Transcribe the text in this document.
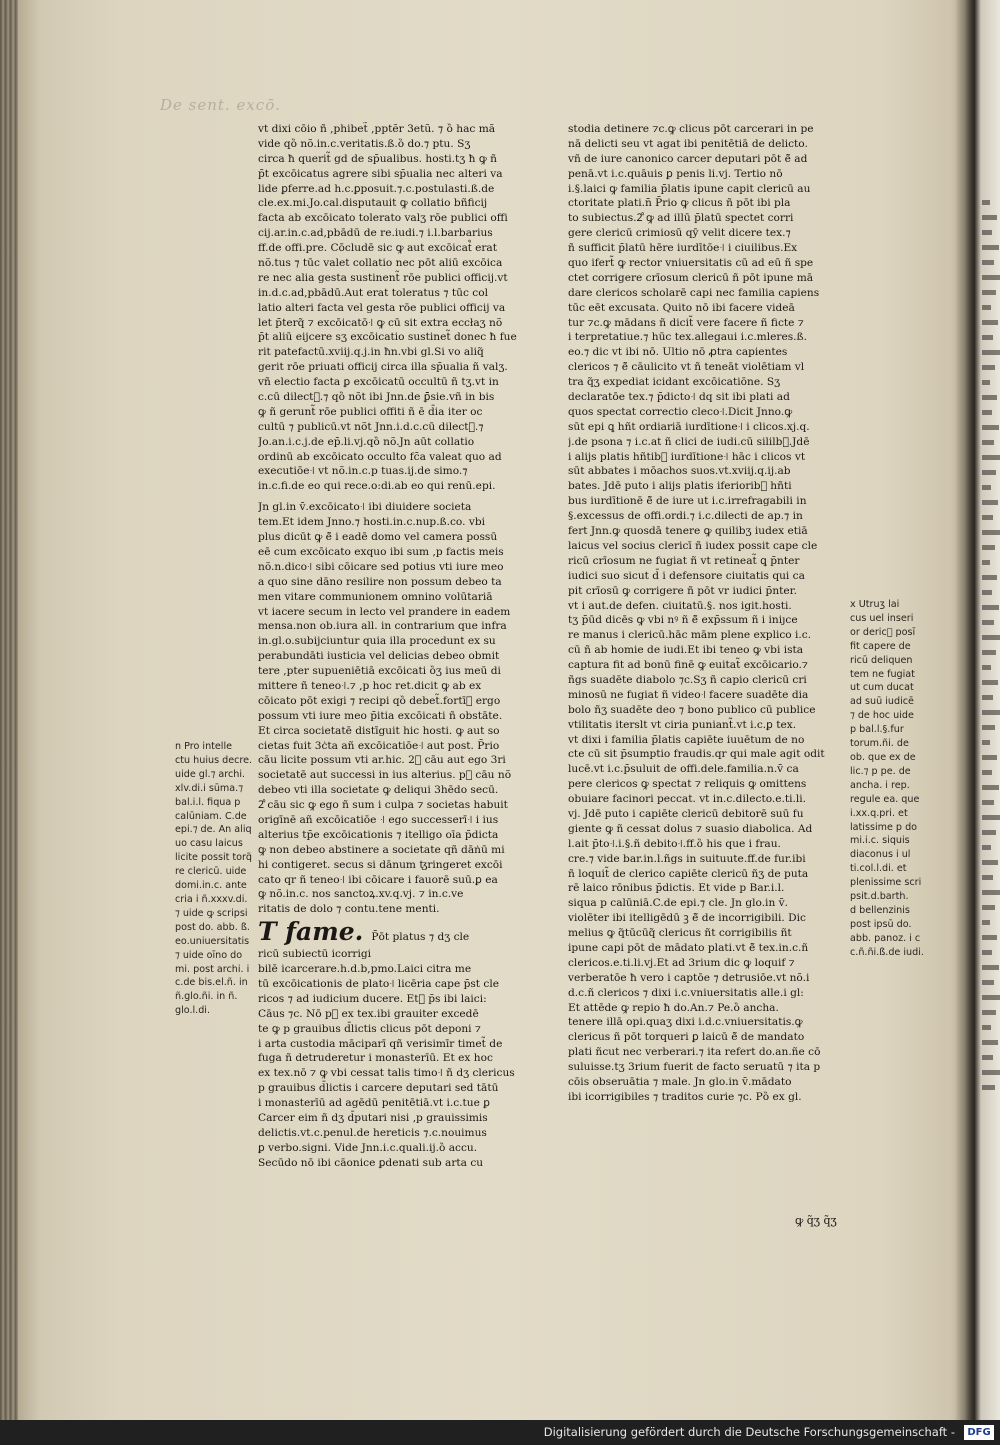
De sent. excō.
vt dixi cōio ñ ,phibet̃ ,pptẽr 3etũ. ⁊ ȍ hac mã
vide qȍ nõ.in.c.veritatis.ß.ȍ do.⁊ ptu. Sʒ
circa ħ querit̃ gd de sp̄ualibus. hosti.tʒ ħ ꝙ ñ
p̄t excōicatus agrere sibi sp̄ualia nec alteri va
lide ꝑferre.ad h.c.ꝑposuit.⁊.c.postulasti.ß.de
cle.ex.mi.Jo.cal.disputauit ꝙ collatio bñficij
facta ab excōicato tolerato valʒ rōe publici offi
cij.ar.in.c.ad,pbādū de re.iudi.⁊ i.l.barbarius
ff.de offi.pre. Cōcludē sic ꝙ aut excōicat᷒ erat
nõ.tus ⁊ tūc valet collatio nec pōt aliū excōica
re nec alia gesta sustinent̃ rōe publici officij.vt
in.d.c.ad,pbādū.Aut erat toleratus ⁊ tūc col
latio alteri facta vel gesta rōe publici officij va
let p̄terq̃ ⁊ excōicatō꜊ ꝙ cū sit extra eccłaʒ nõ
p̄t aliū eijcere sʒ excōicatio sustinet̃ donec ħ fue
rit patefactū.xviij.q.j.in ħn.vbi gl.Si vo aliq̃
gerit rōe priuati officij circa illa sp̄ualia ñ valʒ.
vñ electio facta ꝑ excōicatū occultū ñ tʒ.vt in
c.cū dilect᷒.⁊ qȍ nõt ibi Jnn.de ꝑ̄sie.vñ in bis
ꝙ ñ gerunt̃ rōe publici offiti ñ ē d̄ia iter oc
cultū ⁊ publicū.vt nõt Jnn.i.d.c.cū dilect᷒.⁊
Jo.an.i.c.j.de ep̄.li.vj.qȍ nõ.Jn aūt collatio
ordinū ab excōicato occulto fc̄a valeat quo ad
executiōe꜊ vt nõ.in.c.p tuas.ij.de simo.⁊
in.c.fi.de eo qui rece.o:di.ab eo qui renū.epi.
Jn gl.in v̄.excōicato꜊ ibi diuidere societa
tem.Et idem Jnno.⁊ hosti.in.c.nup.ß.co. vbi
plus dicūt ꝙ ē̃ i eadē domo vel camera possū
eē cum excōicato exquo ibi sum ,p factis meis
nõ.n.dico꜊ sibi cōicare sed potius vti iure meo
a quo sine dāno resilire non possum debeo ta
men vitare communionem omnino volūtariā
vt iacere secum in lecto vel prandere in eadem
mensa.non ob.iura all. in contrarium que infra
in.gl.o.subijciuntur quia illa procedunt ex su
perabundāti iusticia vel delicias debeo obmit
tere ,pter supueniētiā excōicati ȍʒ ius meū di
mittere ñ teneo꜊.⁊ ,p hoc ret.dicit ꝙ ab ex
cōicato pōt exigi ⁊ recipi qȍ debet̃.fortī᷒ ergo
possum vti iure meo p̄itia excōicati ñ obstāte.
Et circa societatē distīguit hic hosti. ꝙ aut so
cietas fuit 3ċta añ excōicatiōe꜊ aut post. P̄rio
cāu licite possum vti ar.hic. 2᷒ cāu aut ego 3ri
societatē aut successi in ius alterius. p᷒ cāu nõ
debeo vti illa societate ꝙ deliqui 3hēdo secū.
2᷒ cāu sic ꝙ ego ñ sum i culpa ⁊ societas habuit
origīnē añ excōicatiōe ꜊ ego successerī꜊ i ius
alterius tp̄e excōicationis ⁊ itelligo oīa p̄dicta
ꝙ non debeo abstinere a societate qñ dāṅū mi
hi contigeret. secus si dānum ꜩringeret excōi
cato qr ñ teneo꜊ ibi cōicare i fauorē suū.ꝑ ea
ꝙ nõ.in.c. nos sanctoꝝ.xv.q.vj. ⁊ in.c.ve
ritatis de dolo ⁊ contu.tene menti.
T fame. P̄ōt platus ⁊ dʒ cle
ricū subiectū icorrigi
bilē icarcerare.h.d.b,pmo.Laici citra me
tū excōicationis de plato꜊ licēria cape p̄st cle
ricos ⁊ ad iudicium ducere. Et᷒ p̄s ibi laici:
Cāus ⁊c. Nō p᷒ ex tex.ibi grauiter excedē
te ꝙ p grauibus d̄lictis clicus pōt deponi ⁊
i arta custodia māciparī qñ verisimīr timet̃ de
fuga ñ detruderetur i monasterīū. Et ex hoc
ex tex.nō ⁊ ꝙ vbi cessat talis timo꜊ ñ dʒ clericus
p grauibus d̄lictis i carcere deputari sed tātū
i monasterīū ad agēdū penitētiā.vt i.c.tue ꝑ
Carcer eim ñ dʒ d̄putari nisi ,p grauissimis
delictis.vt.c.penul.de hereticis ⁊.c.nouimus
ꝑ verbo.signi. Vide Jnn.i.c.quali.ij.ȍ accu.
Secūdo nō ibi cāonice ꝑdenati sub arta cu
stodia detinere ⁊c.ꝙ clicus pōt carcerari in pe
nā delicti seu vt agat ibi penitētiā de delicto.
vñ de iure canonico carcer deputari pōt ē̃ ad
penā.vt i.c.quāuis ꝑ penis li.vj. Tertio nō
i.§.laici ꝙ familia p̄latis ipune capit clericū au
ctoritate plati.n̄ P̄rio ꝙ clicus ñ pōt ibi pla
to subiectus.2᷒ ꝙ ad illū p̄latū spectet corri
gere clericū crimiosū qȳ velit dicere tex.⁊
ñ sufficit p̄latū hēre iurdītōe꜊ i ciuilibus.Ex
quo ifert̃ ꝙ rector vniuersitatis cū ad eū ñ spe
ctet corrigere crīosum clericū ñ pōt ipune mā
dare clericos scholarē capi nec familia capiens
tūc eēt excusata. Quito nō ibi facere videā
tur ⁊c.ꝙ mādans ñ dicit̃ vere facere ñ ficte ⁊
i terpretatiue.⁊ hūc tex.allegaui i.c.mleres.ß.
eo.⁊ dic vt ibi nō. Ultio nō ꝓtra capientes
clericos ⁊ ē̃ cāulicito vt ñ teneāt violētiam vl
tra q̃ʒ expediat icidant excōicatiōne. Sʒ
declaratōe tex.⁊ p̄dicto꜊ dq sit ibi plati ad
quos spectat correctio cleco꜊.Dicit Jnno.ꝙ
sūt epi ꝗ hñt ordiariā iurdītione꜊ i clicos.xj.q.
j.de psona ⁊ i.c.at ñ clici de iudi.cū sililb᷒.Jdē
i alijs platis hñtib᷒ iurdītione꜊ hāc i clicos vt
sūt abbates i mōachos suos.vt.xviij.q.ij.ab
bates. Jdē puto i alijs platis iferiorib᷒ hñti
bus iurdītionē ē̃ de iure ut i.c.irrefragabili in
§.excessus de offi.ordi.⁊ i.c.dilecti de ap.⁊ in
fert Jnn.ꝙ quosdā tenere ꝙ quilibʒ iudex etiā
laicus vel socius clericī ñ iudex possit cape cle
ricū crīosum ne fugiat ñ vt retineat̃ ꝗ p̄nter
iudici suo sicut d̄ i defensore ciuitatis qui ca
pit crīosū ꝙ corrigere ñ pōt vr iudici p̄nter.
vt i aut.de defen. ciuitatū.§. nos igit.hosti.
tʒ p̄ūd dicēs ꝙ vbi nꝰ ñ ē̃ exp̄ssum ñ i iniȷce
re manus i clericū.hāc mām plene explico i.c.
cū ñ ab homie de iudi.Et ibi teneo ꝙ vbi ista
captura fit ad bonū finē ꝙ euitat̃ excōicario.⁊
ñgs suadēte diabolo ⁊c.Sʒ ñ capio clericū cri
minosū ne fugiat ñ video꜊ facere suadēte dia
bolo ñʒ suadēte deo ⁊ bono publico cū publice
vtilitatis iterslt vt ciria puniant̃.vt i.c.ꝑ tex.
vt dixi i familia p̄latis capiēte iuuētum de no
cte cū sit p̄sumptio fraudis.qr qui male agit odit
lucē.vt i.c.p̄suluit de offi.dele.familia.n.v̄ ca
pere clericos ꝙ spectat ⁊ reliquis ꝙ omittens
obuiare facinori peccat. vt in.c.dilecto.e.ti.li.
vj. Jdē puto i capiēte clericū debitorē suū fu
giente ꝙ ñ cessat dolus ⁊ suasio diabolica. Ad
l.ait p̄to꜊.i.§.ñ debito꜊.ff.ȍ his que i frau.
cre.⁊ vide bar.in.l.ñgs in suituute.ff.de fur.ibi
ñ loquit̃ de clerico capiēte clericū ñʒ de puta
rē laico rōnibus p̄dictis. Et vide p Bar.i.l.
siqua p calūniā.C.de epi.⁊ cle. Jn glo.in v̄.
violēter ibi itelligēdū ꝫ ē̃ de incorrigibili. Dic
melius ꝙ q̃tūcūq̃ clericus ñt corrigibilis ñt
ipune capi pōt de mādato plati.vt ē̃ tex.in.c.ñ
clericos.e.ti.li.vj.Et ad 3rium dic ꝙ loquif ⁊
verberatōe ħ vero i captōe ⁊ detrusiōe.vt nõ.i
d.c.ñ clericos ⁊ dixi i.c.vniuersitatis alle.i gl:
Et attēde ꝙ repio ħ do.An.⁊ Pe.ȍ ancha.
tenere illā opi.quaʒ dixi i.d.c.vniuersitatis.ꝙ
clericus ñ pōt torqueri ꝑ laicū ē̃ de mandato
plati ñcut nec verberari.⁊ ita refert do.an.ñe cō
suluisse.tʒ 3rium fuerit de facto seruatū ⁊ ita p
cōis obseruātia ⁊ male. Jn glo.in v̄.mādato
ibi icorrigibiles ⁊ traditos curie ⁊c. Pȍ ex gl.
ꝙ q̃ʒ q̃ʒ
n Pro intelle
ctu huius decre.
uide gl.⁊ archi.
xlv.di.i sūma.⁊
bal.i.l. fiqua p
calūniam. C.de
epi.⁊ de. An aliq
uo casu laicus
licite possit torq̃
re clericū. uide
domi.in.c. ante
cria i ñ.xxxv.di.
⁊ uide ꝙ scripsi
post do. abb. ß.
eo.uniuersitatis
⁊ uide oīno do
mi. post archi. i
c.de bis.el.ñ. in
ñ.glo.ñi. in ñ.
glo.l.di.
x Utruʒ lai
cus uel inseri
or deric᷒ posī
fit capere de
ricū deliquen
tem ne fugiat
ut cum ducat
ad suū iudicē
⁊ de hoc uide
p bal.l.§.fur
torum.ñi. de
ob. que ex de
lic.⁊ p pe. de
ancha. i rep.
regule ea. que
i.xx.q.pri. et
latissime p do
mi.i.c. siquis
diaconus i ul
ti.col.l.di. et
plenissime scri
psit.d.barth.
d bellenzinis
post ipsū do.
abb. panoz. i c
c.ñ.ñi.ß.de iudi.
Digitalisierung gefördert durch die Deutsche Forschungsgemeinschaft -	DFG
